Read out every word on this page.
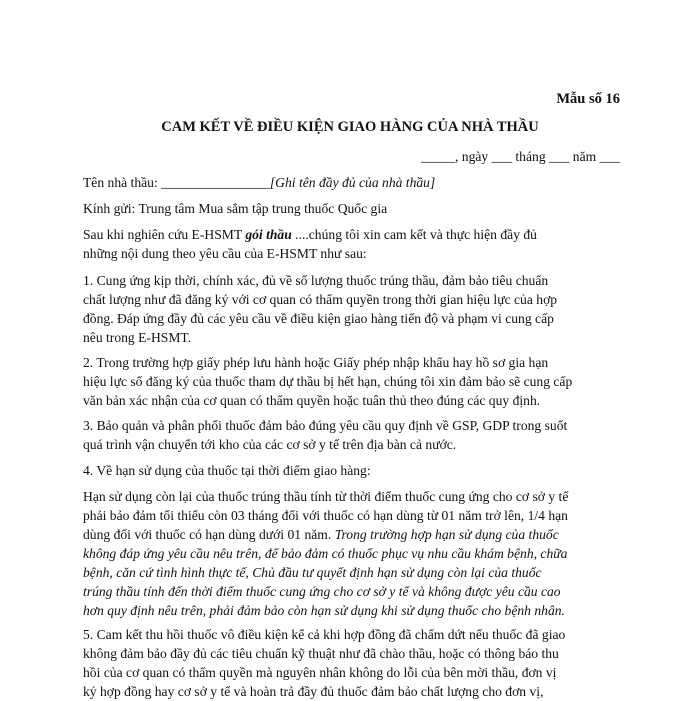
Mẫu số 16
CAM KẾT VỀ ĐIỀU KIỆN GIAO HÀNG CỦA NHÀ THẦU
_____, ngày ___ tháng ___ năm ___
Tên nhà thầu: ________________[Ghi tên đầy đủ của nhà thầu]
Kính gửi: Trung tâm Mua sắm tập trung thuốc Quốc gia
Sau khi nghiên cứu E-HSMT gói thầu ....chúng tôi xin cam kết và thực hiện đầy đủ
những nội dung theo yêu cầu của E-HSMT như sau:
1. Cung ứng kịp thời, chính xác, đủ về số lượng thuốc trúng thầu, đảm bảo tiêu chuẩn
chất lượng như đã đăng ký với cơ quan có thẩm quyền trong thời gian hiệu lực của hợp
đồng. Đáp ứng đầy đủ các yêu cầu về điều kiện giao hàng tiến độ và phạm vi cung cấp
nêu trong E-HSMT.
2. Trong trường hợp giấy phép lưu hành hoặc Giấy phép nhập khẩu hay hồ sơ gia hạn
hiệu lực số đăng ký của thuốc tham dự thầu bị hết hạn, chúng tôi xin đảm bảo sẽ cung cấp
văn bản xác nhận của cơ quan có thẩm quyền hoặc tuân thủ theo đúng các quy định.
3. Bảo quản và phân phối thuốc đảm bảo đúng yêu cầu quy định về GSP, GDP trong suốt
quá trình vận chuyển tới kho của các cơ sở y tế trên địa bàn cả nước.
4. Về hạn sử dụng của thuốc tại thời điểm giao hàng:
Hạn sử dụng còn lại của thuốc trúng thầu tính từ thời điểm thuốc cung ứng cho cơ sở y tế
phải bảo đảm tối thiểu còn 03 tháng đối với thuốc có hạn dùng từ 01 năm trở lên, 1/4 hạn
dùng đối với thuốc có hạn dùng dưới 01 năm. Trong trường hợp hạn sử dụng của thuốc
không đáp ứng yêu cầu nêu trên, để bảo đảm có thuốc phục vụ nhu cầu khám bệnh, chữa
bệnh, căn cứ tình hình thực tế, Chủ đầu tư quyết định hạn sử dụng còn lại của thuốc
trúng thầu tính đến thời điểm thuốc cung ứng cho cơ sở y tế và không được yêu cầu cao
hơn quy định nêu trên, phải đảm bảo còn hạn sử dụng khi sử dụng thuốc cho bệnh nhân.
5. Cam kết thu hồi thuốc vô điều kiện kể cả khi hợp đồng đã chấm dứt nếu thuốc đã giao
không đảm bảo đầy đủ các tiêu chuẩn kỹ thuật như đã chào thầu, hoặc có thông báo thu
hồi của cơ quan có thẩm quyền mà nguyên nhân không do lỗi của bên mời thầu, đơn vị
ký hợp đồng hay cơ sở y tế và hoàn trả đầy đủ thuốc đảm bảo chất lượng cho đơn vị,
